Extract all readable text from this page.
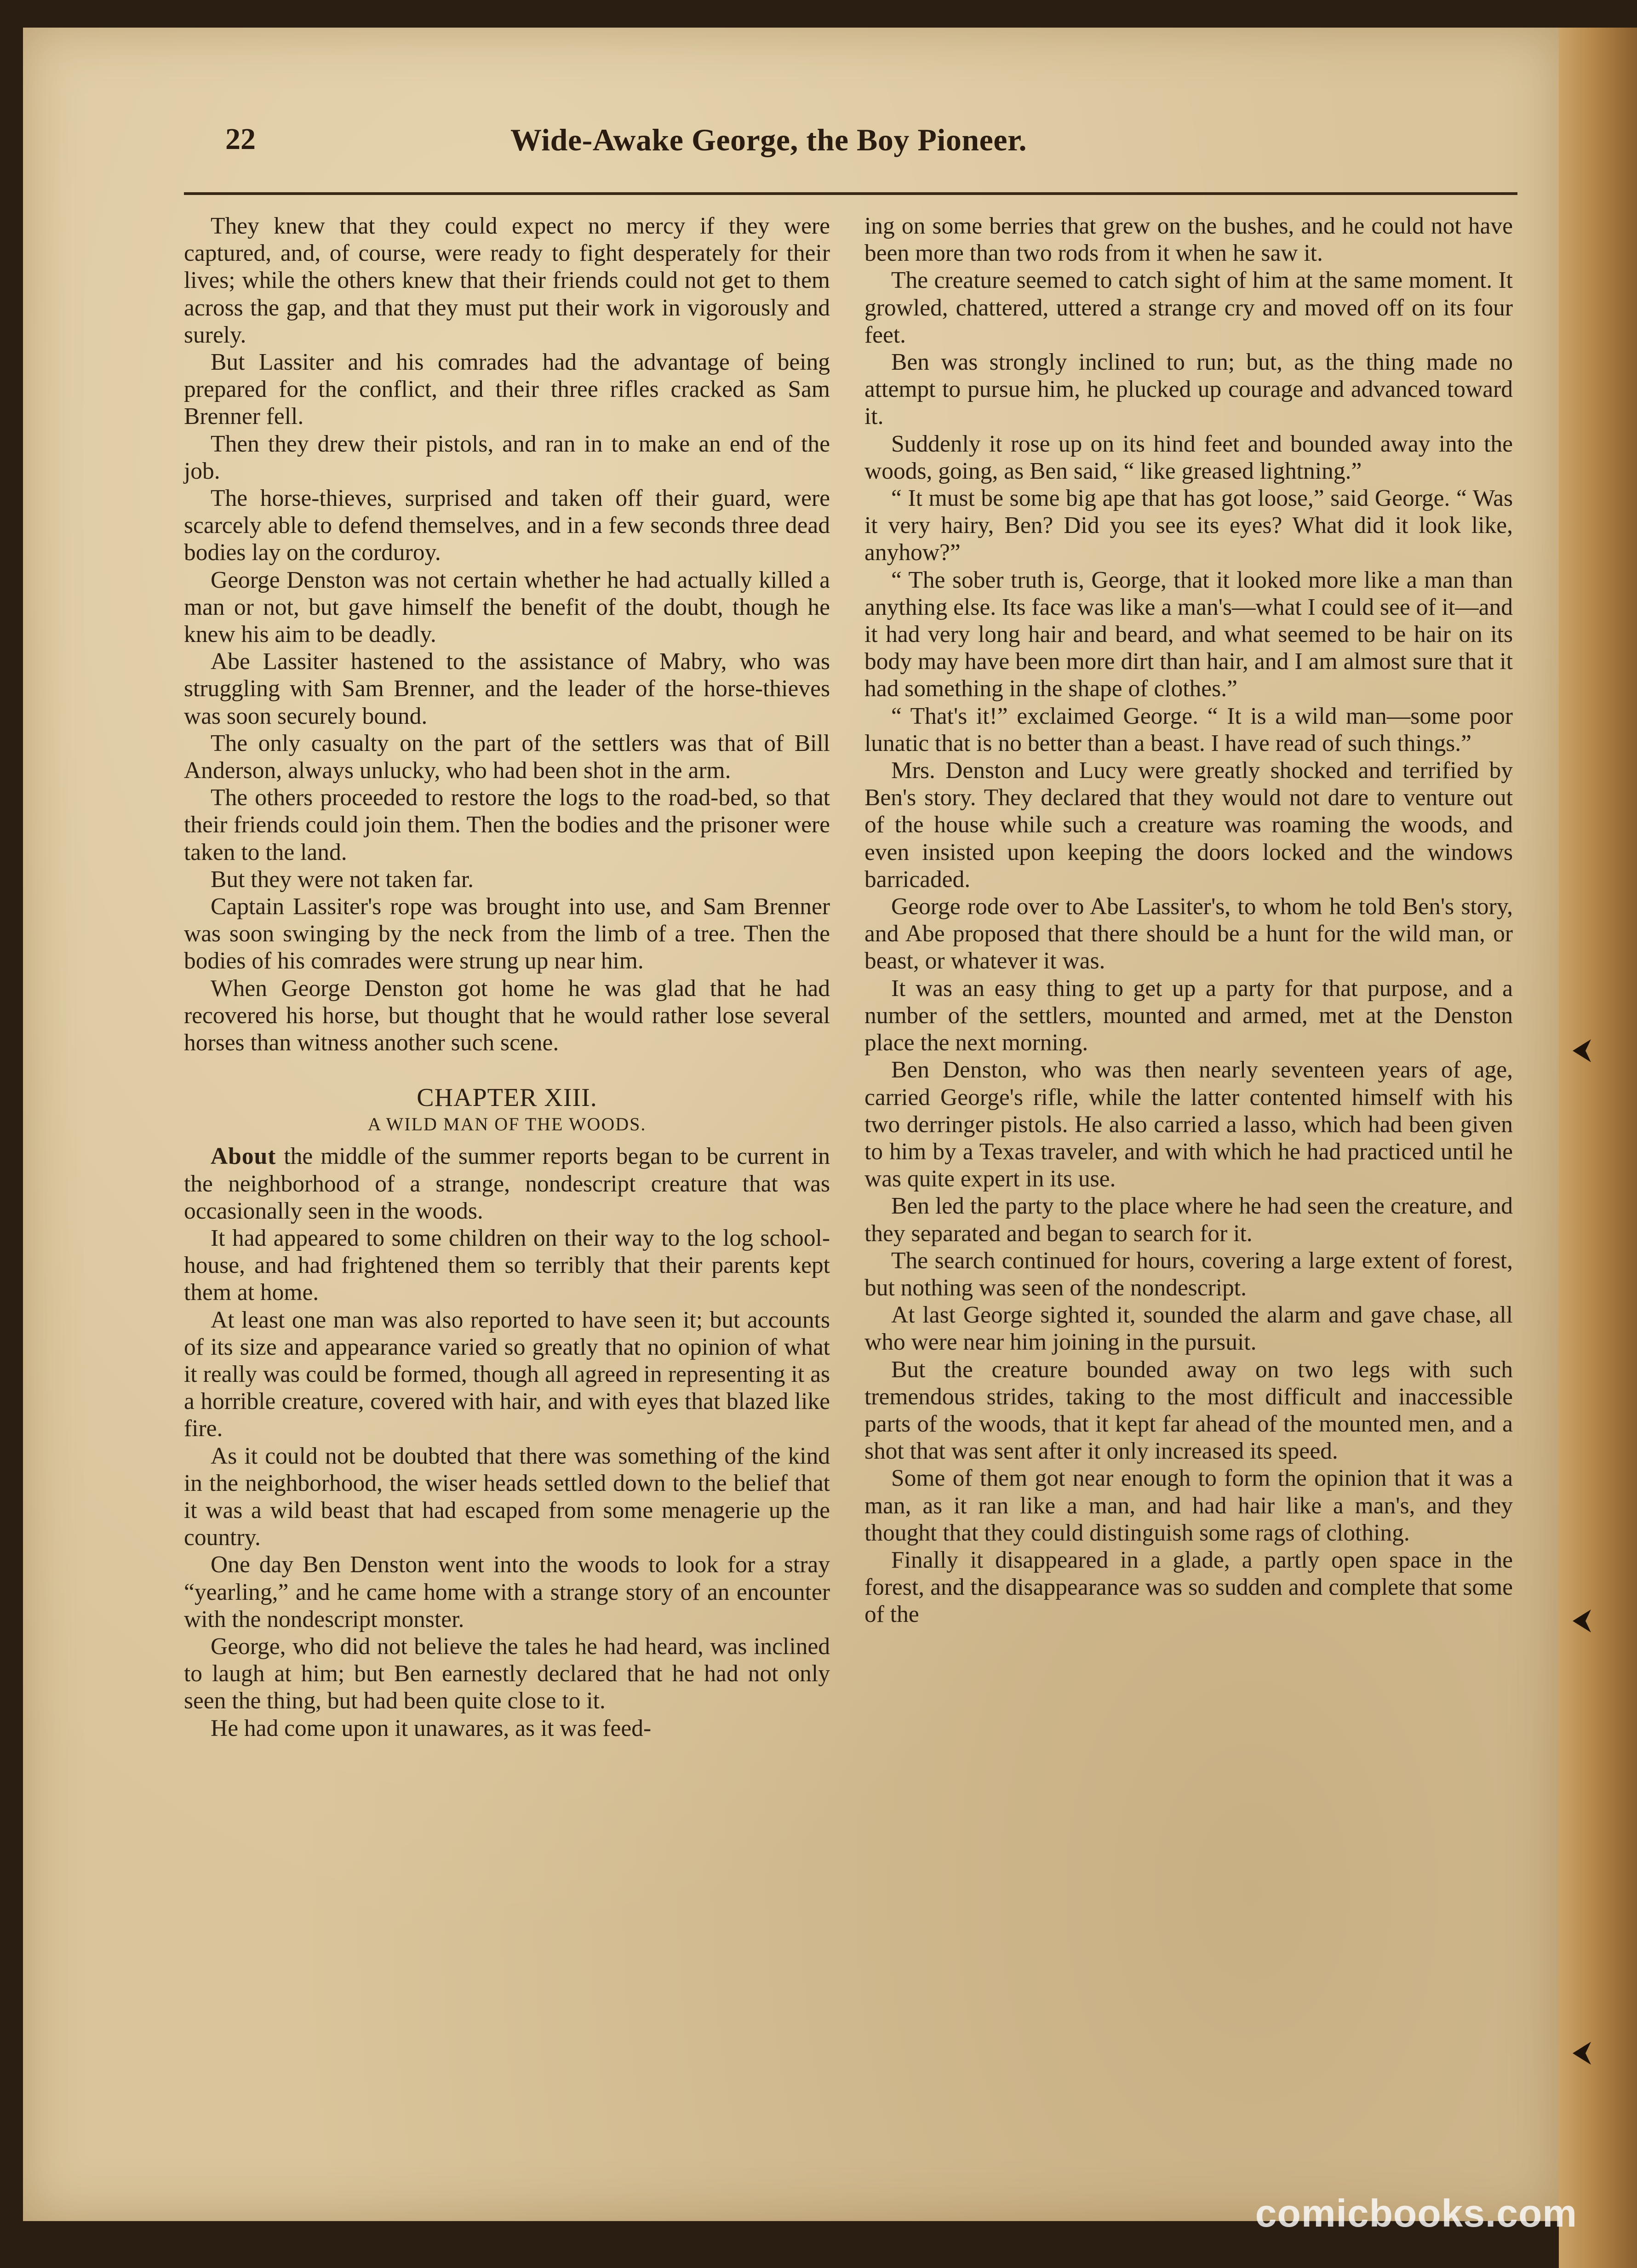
22	Wide-Awake George, the Boy Pioneer.

They knew that they could expect no mercy if they were captured, and, of course, were ready to fight desperately for their lives; while the others knew that their friends could not get to them across the gap, and that they must put their work in vigorously and surely.

But Lassiter and his comrades had the advantage of being prepared for the conflict, and their three rifles cracked as Sam Brenner fell.

Then they drew their pistols, and ran in to make an end of the job.

The horse-thieves, surprised and taken off their guard, were scarcely able to defend themselves, and in a few seconds three dead bodies lay on the corduroy.

George Denston was not certain whether he had actually killed a man or not, but gave himself the benefit of the doubt, though he knew his aim to be deadly.

Abe Lassiter hastened to the assistance of Mabry, who was struggling with Sam Brenner, and the leader of the horse-thieves was soon securely bound.

The only casualty on the part of the settlers was that of Bill Anderson, always unlucky, who had been shot in the arm.

The others proceeded to restore the logs to the road-bed, so that their friends could join them. Then the bodies and the prisoner were taken to the land.

But they were not taken far.

Captain Lassiter's rope was brought into use, and Sam Brenner was soon swinging by the neck from the limb of a tree. Then the bodies of his comrades were strung up near him.

When George Denston got home he was glad that he had recovered his horse, but thought that he would rather lose several horses than witness another such scene.

CHAPTER XIII.
A WILD MAN OF THE WOODS.

About the middle of the summer reports began to be current in the neighborhood of a strange, nondescript creature that was occasionally seen in the woods.

It had appeared to some children on their way to the log school-house, and had frightened them so terribly that their parents kept them at home.

At least one man was also reported to have seen it; but accounts of its size and appearance varied so greatly that no opinion of what it really was could be formed, though all agreed in representing it as a horrible creature, covered with hair, and with eyes that blazed like fire.

As it could not be doubted that there was something of the kind in the neighborhood, the wiser heads settled down to the belief that it was a wild beast that had escaped from some menagerie up the country.

One day Ben Denston went into the woods to look for a stray “yearling,” and he came home with a strange story of an encounter with the nondescript monster.

George, who did not believe the tales he had heard, was inclined to laugh at him; but Ben earnestly declared that he had not only seen the thing, but had been quite close to it.

He had come upon it unawares, as it was feed-

ing on some berries that grew on the bushes, and he could not have been more than two rods from it when he saw it.

The creature seemed to catch sight of him at the same moment. It growled, chattered, uttered a strange cry and moved off on its four feet.

Ben was strongly inclined to run; but, as the thing made no attempt to pursue him, he plucked up courage and advanced toward it.

Suddenly it rose up on its hind feet and bounded away into the woods, going, as Ben said, “ like greased lightning.”

“ It must be some big ape that has got loose,” said George. “ Was it very hairy, Ben? Did you see its eyes? What did it look like, anyhow?”

“ The sober truth is, George, that it looked more like a man than anything else. Its face was like a man's—what I could see of it—and it had very long hair and beard, and what seemed to be hair on its body may have been more dirt than hair, and I am almost sure that it had something in the shape of clothes.”

“ That's it!” exclaimed George. “ It is a wild man—some poor lunatic that is no better than a beast. I have read of such things.”

Mrs. Denston and Lucy were greatly shocked and terrified by Ben's story. They declared that they would not dare to venture out of the house while such a creature was roaming the woods, and even insisted upon keeping the doors locked and the windows barricaded.

George rode over to Abe Lassiter's, to whom he told Ben's story, and Abe proposed that there should be a hunt for the wild man, or beast, or whatever it was.

It was an easy thing to get up a party for that purpose, and a number of the settlers, mounted and armed, met at the Denston place the next morning.

Ben Denston, who was then nearly seventeen years of age, carried George's rifle, while the latter contented himself with his two derringer pistols. He also carried a lasso, which had been given to him by a Texas traveler, and with which he had practiced until he was quite expert in its use.

Ben led the party to the place where he had seen the creature, and they separated and began to search for it.

The search continued for hours, covering a large extent of forest, but nothing was seen of the nondescript.

At last George sighted it, sounded the alarm and gave chase, all who were near him joining in the pursuit.

But the creature bounded away on two legs with such tremendous strides, taking to the most difficult and inaccessible parts of the woods, that it kept far ahead of the mounted men, and a shot that was sent after it only increased its speed.

Some of them got near enough to form the opinion that it was a man, as it ran like a man, and had hair like a man's, and they thought that they could distinguish some rags of clothing.

Finally it disappeared in a glade, a partly open space in the forest, and the disappearance was so sudden and complete that some of the

comicbooks.com
